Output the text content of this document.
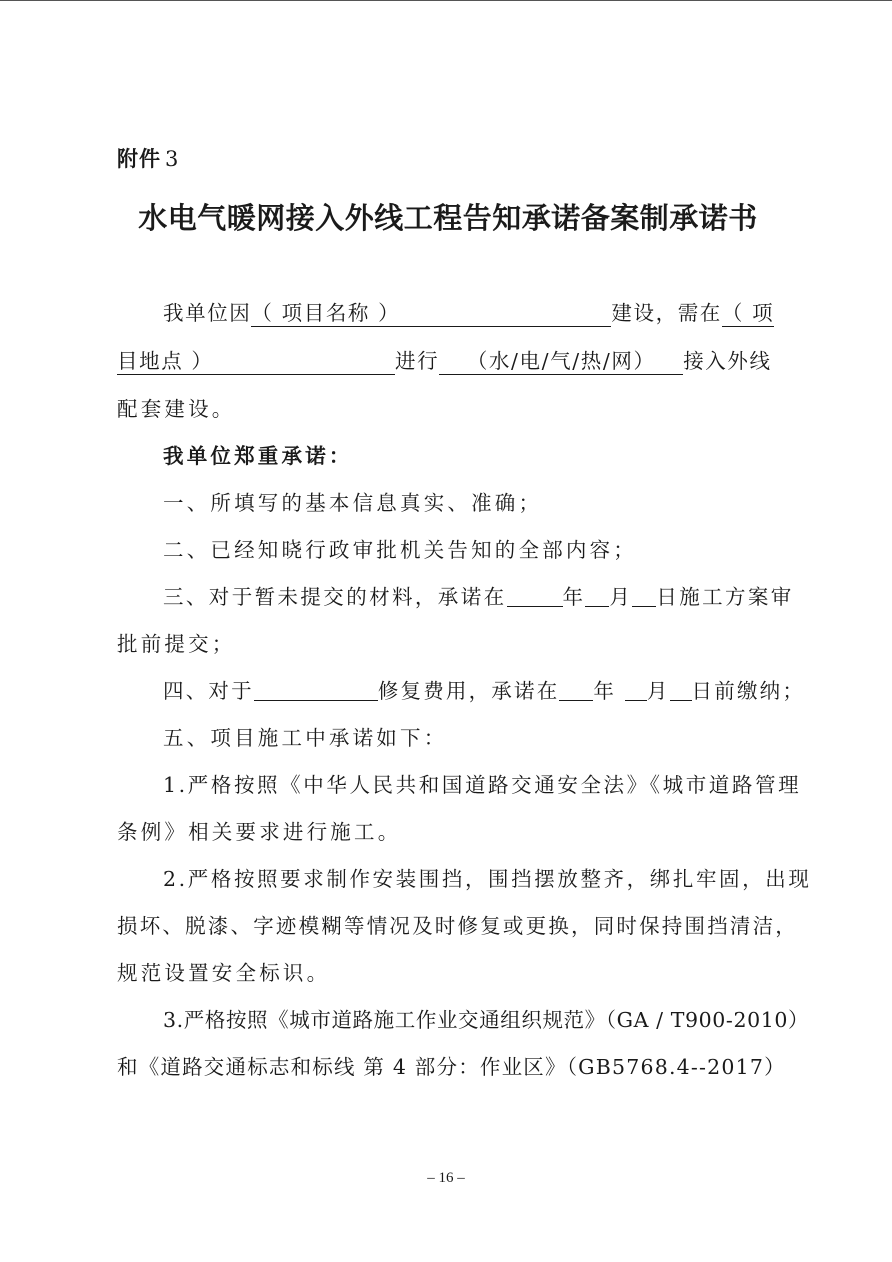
附件 3
水电气暖网接入外线工程告知承诺备案制承诺书
我单位因（ 项目名称 ）	建设，需在（ 项
目地点 ）	进行 （水/电/气/热/网） 接入外线
配套建设。
我单位郑重承诺：
一、所填写的基本信息真实、准确；
二、已经知晓行政审批机关告知的全部内容；
三、对于暂未提交的材料，承诺在	年 月 日施工方案审
批前提交；
四、对于	修复费用，承诺在 年 月 日前缴纳；
五、项目施工中承诺如下：
1.严格按照《中华人民共和国道路交通安全法》《城市道路管理
条例》相关要求进行施工。
2.严格按照要求制作安装围挡，围挡摆放整齐，绑扎牢固，出现
损坏、脱漆、字迹模糊等情况及时修复或更换，同时保持围挡清洁，
规范设置安全标识。
3.严格按照《城市道路施工作业交通组织规范》（GA / T900-2010）
和《道路交通标志和标线 第 4 部分：作业区》（GB5768.4--2017）
– 16 –
